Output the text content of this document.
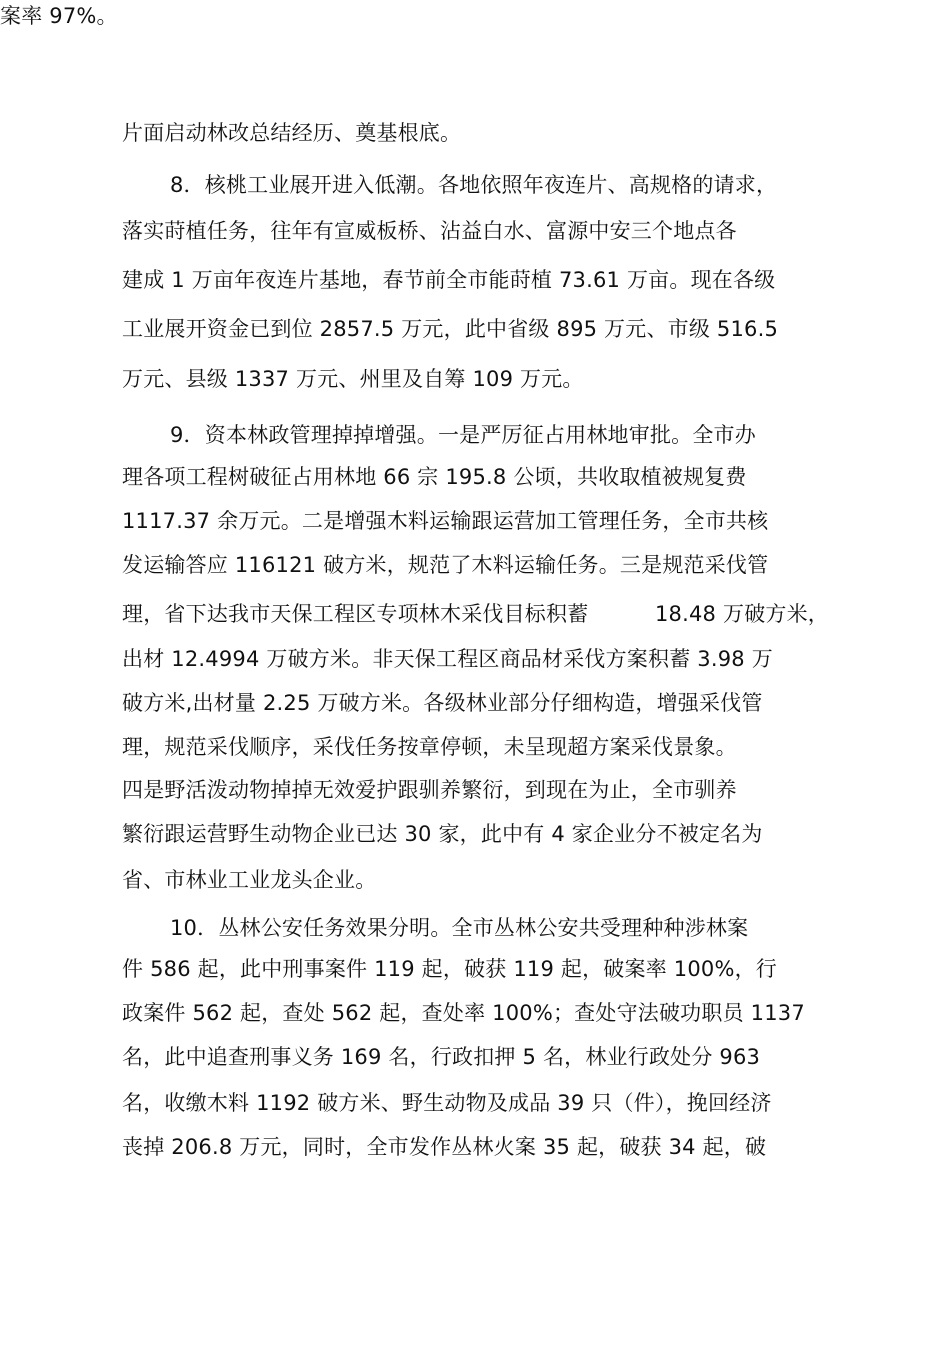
案率 97%。
片面启动林改总结经历、奠基根底。
8．核桃工业展开进入低潮。各地依照年夜连片、高规格的请求，
落实莳植任务，往年有宣威板桥、沾益白水、富源中安三个地点各
建成 1 万亩年夜连片基地，春节前全市能莳植 73.61 万亩。现在各级
工业展开资金已到位 2857.5 万元，此中省级 895 万元、市级 516.5
万元、县级 1337 万元、州里及自筹 109 万元。
9．资本林政管理掉掉增强。一是严厉征占用林地审批。全市办
理各项工程树破征占用林地 66 宗 195.8 公顷，共收取植被规复费
1117.37 余万元。二是增强木料运输跟运营加工管理任务，全市共核
发运输答应 116121 破方米，规范了木料运输任务。三是规范采伐管
理，省下达我市天保工程区专项林木采伐目标积蓄	18.48 万破方米，
出材 12.4994 万破方米。非天保工程区商品材采伐方案积蓄 3.98 万
破方米,出材量 2.25 万破方米。各级林业部分仔细构造，增强采伐管
理，规范采伐顺序，采伐任务按章停顿，未呈现超方案采伐景象。
四是野活泼动物掉掉无效爱护跟驯养繁衍，到现在为止，全市驯养
繁衍跟运营野生动物企业已达 30 家，此中有 4 家企业分不被定名为
省、市林业工业龙头企业。
10．丛林公安任务效果分明。全市丛林公安共受理种种涉林案
件 586 起，此中刑事案件 119 起，破获 119 起，破案率 100%，行
政案件 562 起，查处 562 起，查处率 100%；查处守法破功职员 1137
名，此中追查刑事义务 169 名，行政扣押 5 名，林业行政处分 963
名，收缴木料 1192 破方米、野生动物及成品 39 只（件），挽回经济
丧掉 206.8 万元，同时，全市发作丛林火案 35 起，破获 34 起，破
